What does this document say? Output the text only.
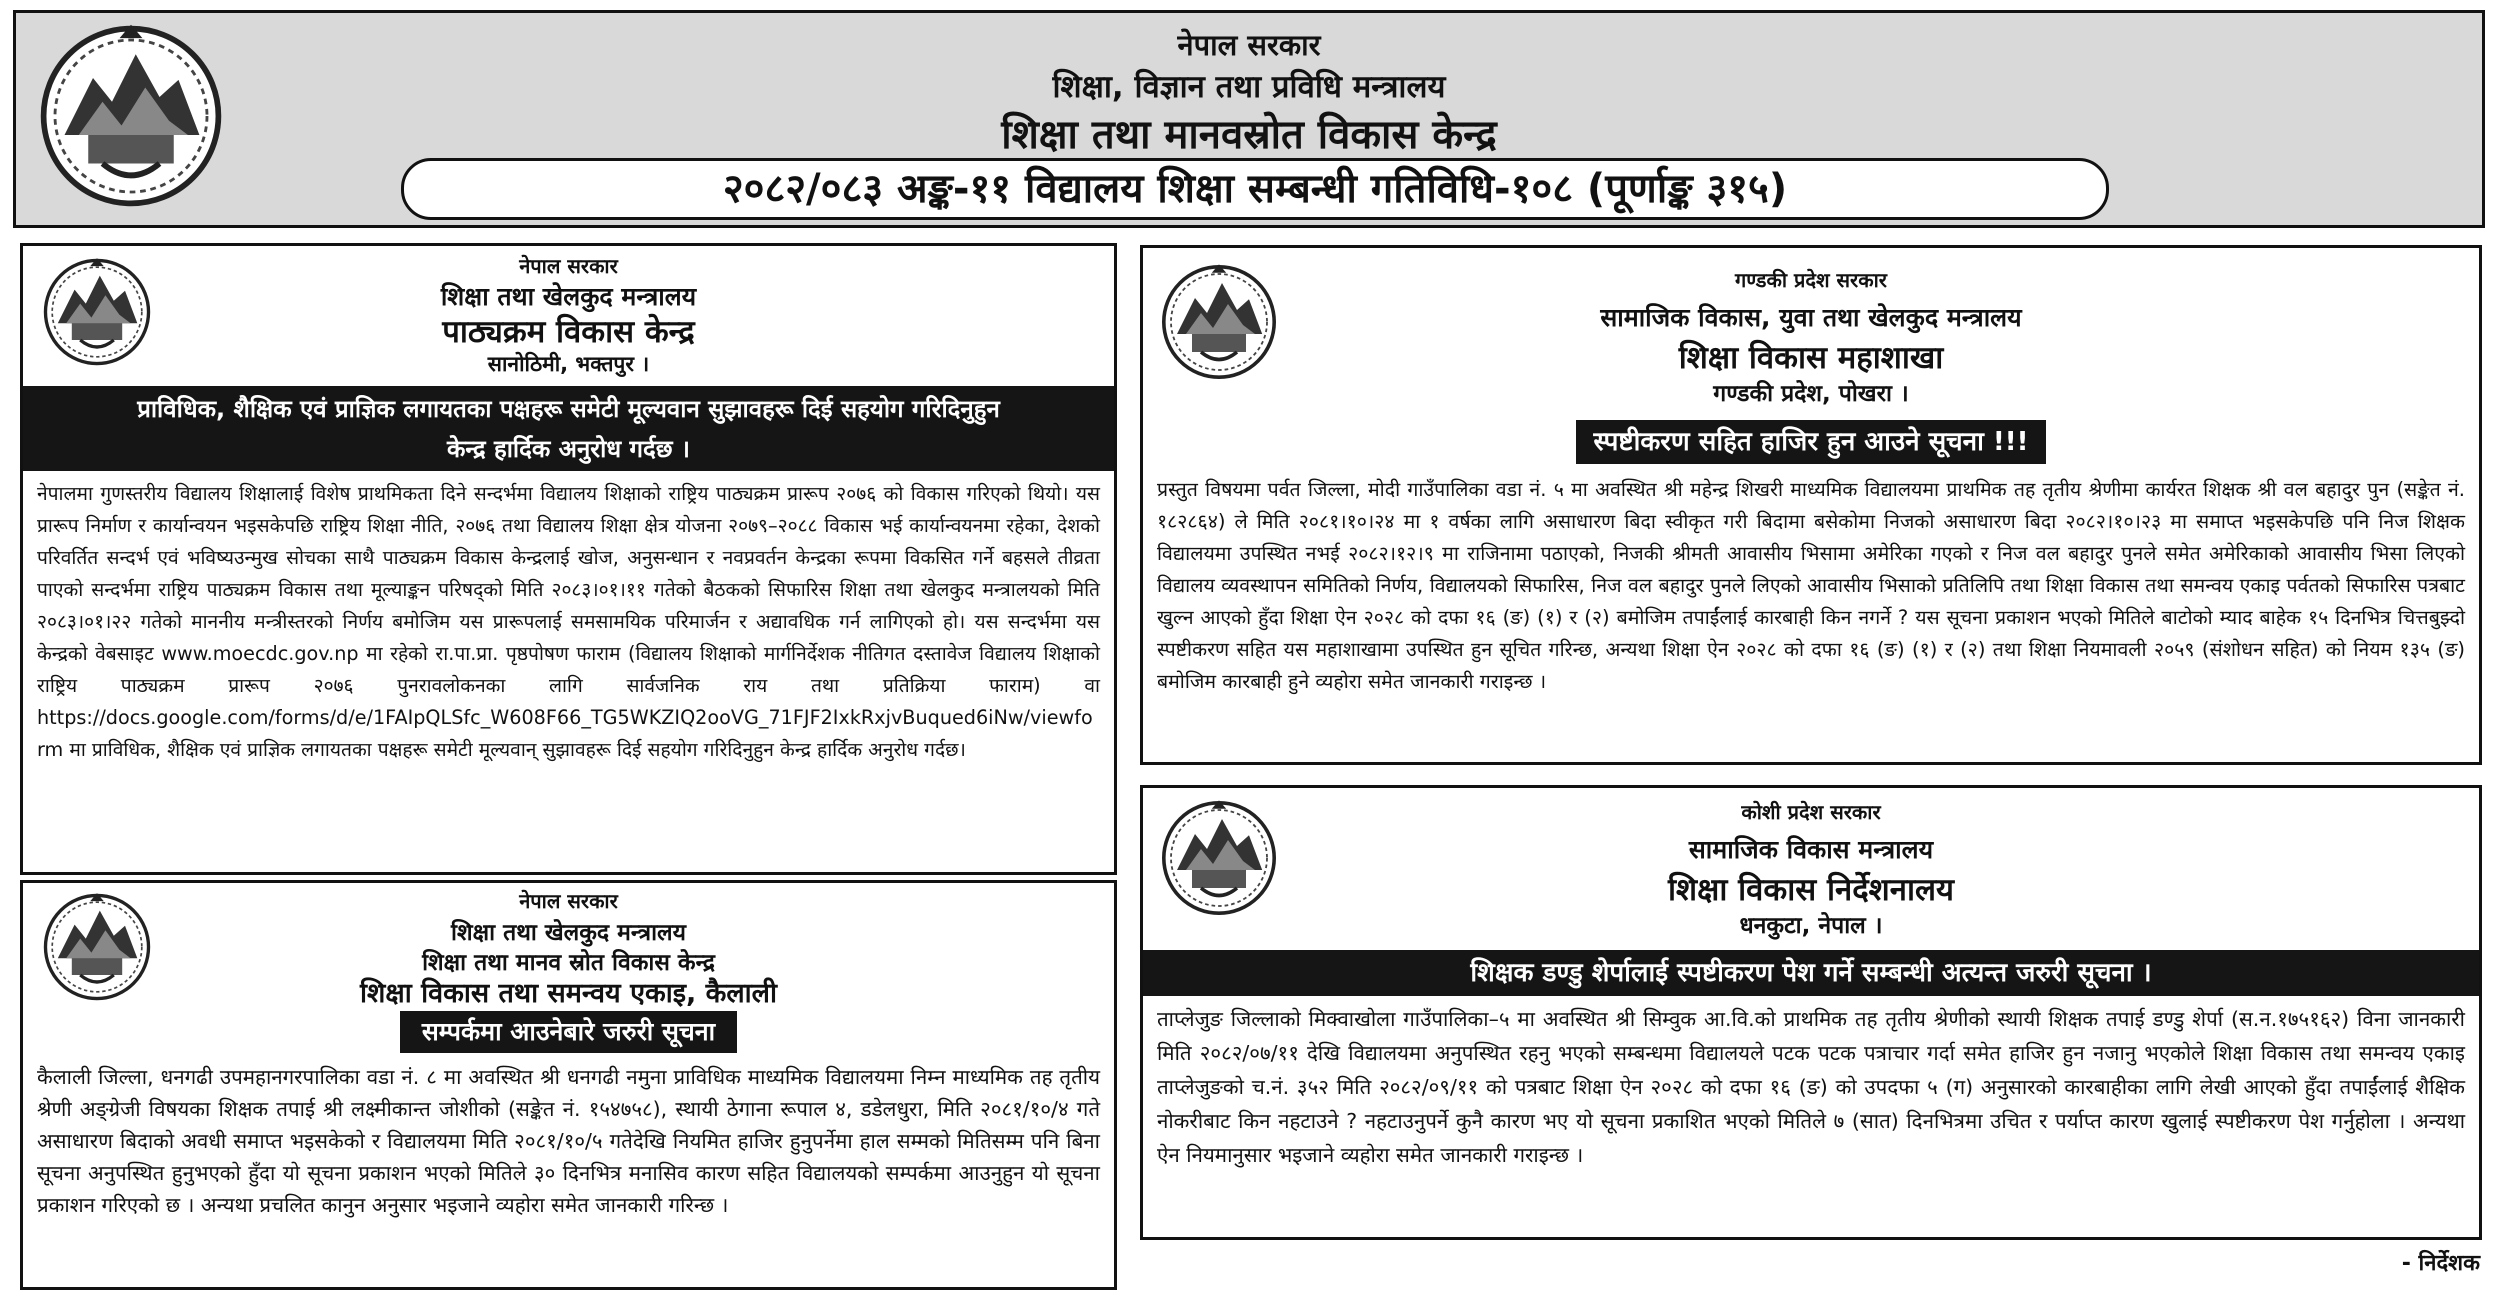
नेपाल सरकार
शिक्षा, विज्ञान तथा प्रविधि मन्त्रालय
शिक्षा तथा मानवस्रोत विकास केन्द्र
२०८२/०८३ अङ्क-११ विद्यालय शिक्षा सम्बन्धी गतिविधि-१०८ (पूर्णाङ्क ३१५)
नेपाल सरकार
शिक्षा तथा खेलकुद मन्त्रालय
पाठ्यक्रम विकास केन्द्र
सानोठिमी, भक्तपुर ।
प्राविधिक, शैक्षिक एवं प्राज्ञिक लगायतका पक्षहरू समेटी मूल्यवान सुझावहरू दिई सहयोग गरिदिनुहुन केन्द्र हार्दिक अनुरोध गर्दछ ।
नेपालमा गुणस्तरीय विद्यालय शिक्षालाई विशेष प्राथमिकता दिने सन्दर्भमा विद्यालय शिक्षाको राष्ट्रिय पाठ्यक्रम प्रारूप २०७६ को विकास गरिएको थियो। यस प्रारूप निर्माण र कार्यान्वयन भइसकेपछि राष्ट्रिय शिक्षा नीति, २०७६ तथा विद्यालय शिक्षा क्षेत्र योजना २०७९–२०८८ विकास भई कार्यान्वयनमा रहेका, देशको परिवर्तित सन्दर्भ एवं भविष्यउन्मुख सोचका साथै पाठ्यक्रम विकास केन्द्रलाई खोज, अनुसन्धान र नवप्रवर्तन केन्द्रका रूपमा विकसित गर्ने बहसले तीव्रता पाएको सन्दर्भमा राष्ट्रिय पाठ्यक्रम विकास तथा मूल्याङ्कन परिषद्को मिति २०८३।०१।११ गतेको बैठकको सिफारिस शिक्षा तथा खेलकुद मन्त्रालयको मिति २०८३।०१।२२ गतेको माननीय मन्त्रीस्तरको निर्णय बमोजिम यस प्रारूपलाई समसामयिक परिमार्जन र अद्यावधिक गर्न लागिएको हो। यस सन्दर्भमा यस केन्द्रको वेबसाइट www.moecdc.gov.np मा रहेको रा.पा.प्रा. पृष्ठपोषण फाराम (विद्यालय शिक्षाको मार्गनिर्देशक नीतिगत दस्तावेज विद्यालय शिक्षाको राष्ट्रिय पाठ्यक्रम प्रारूप २०७६ पुनरावलोकनका लागि सार्वजनिक राय तथा प्रतिक्रिया फाराम) वा https://docs.google.com/forms/d/e/1FAIpQLSfc_W608F66_TG5WKZIQ2ooVG_71FJF2IxkRxjvBuqued6iNw/viewform मा प्राविधिक, शैक्षिक एवं प्राज्ञिक लगायतका पक्षहरू समेटी मूल्यवान् सुझावहरू दिई सहयोग गरिदिनुहुन केन्द्र हार्दिक अनुरोध गर्दछ।
नेपाल सरकार
शिक्षा तथा खेलकुद मन्त्रालय
शिक्षा तथा मानव स्रोत विकास केन्द्र
शिक्षा विकास तथा समन्वय एकाइ, कैलाली
सम्पर्कमा आउनेबारे जरुरी सूचना
कैलाली जिल्ला, धनगढी उपमहानगरपालिका वडा नं. ८ मा अवस्थित श्री धनगढी नमुना प्राविधिक माध्यमिक विद्यालयमा निम्न माध्यमिक तह तृतीय श्रेणी अङ्ग्रेजी विषयका शिक्षक तपाई श्री लक्ष्मीकान्त जोशीको (सङ्केत नं. १५४७५८), स्थायी ठेगाना रूपाल ४, डडेलधुरा, मिति २०८१/१०/४ गते असाधारण बिदाको अवधी समाप्त भइसकेको र विद्यालयमा मिति २०८१/१०/५ गतेदेखि नियमित हाजिर हुनुपर्नेमा हाल सम्मको मितिसम्म पनि बिना सूचना अनुपस्थित हुनुभएको हुँदा यो सूचना प्रकाशन भएको मितिले ३० दिनभित्र मनासिव कारण सहित विद्यालयको सम्पर्कमा आउनुहुन यो सूचना प्रकाशन गरिएको छ । अन्यथा प्रचलित कानुन अनुसार भइजाने व्यहोरा समेत जानकारी गरिन्छ ।
गण्डकी प्रदेश सरकार
सामाजिक विकास, युवा तथा खेलकुद मन्त्रालय
शिक्षा विकास महाशाखा
गण्डकी प्रदेश, पोखरा ।
स्पष्टीकरण सहित हाजिर हुन आउने सूचना !!!
प्रस्तुत विषयमा पर्वत जिल्ला, मोदी गाउँपालिका वडा नं. ५ मा अवस्थित श्री महेन्द्र शिखरी माध्यमिक विद्यालयमा प्राथमिक तह तृतीय श्रेणीमा कार्यरत शिक्षक श्री वल बहादुर पुन (सङ्केत नं. १८२८६४) ले मिति २०८१।१०।२४ मा १ वर्षका लागि असाधारण बिदा स्वीकृत गरी बिदामा बसेकोमा निजको असाधारण बिदा २०८२।१०।२३ मा समाप्त भइसकेपछि पनि निज शिक्षक विद्यालयमा उपस्थित नभई २०८२।१२।९ मा राजिनामा पठाएको, निजकी श्रीमती आवासीय भिसामा अमेरिका गएको र निज वल बहादुर पुनले समेत अमेरिकाको आवासीय भिसा लिएको विद्यालय व्यवस्थापन समितिको निर्णय, विद्यालयको सिफारिस, निज वल बहादुर पुनले लिएको आवासीय भिसाको प्रतिलिपि तथा शिक्षा विकास तथा समन्वय एकाइ पर्वतको सिफारिस पत्रबाट खुल्न आएको हुँदा शिक्षा ऐन २०२८ को दफा १६ (ङ) (१) र (२) बमोजिम तपाईंलाई कारबाही किन नगर्ने ? यस सूचना प्रकाशन भएको मितिले बाटोको म्याद बाहेक १५ दिनभित्र चित्तबुझ्दो स्पष्टीकरण सहित यस महाशाखामा उपस्थित हुन सूचित गरिन्छ, अन्यथा शिक्षा ऐन २०२८ को दफा १६ (ङ) (१) र (२) तथा शिक्षा नियमावली २०५९ (संशोधन सहित) को नियम १३५ (ङ) बमोजिम कारबाही हुने व्यहोरा समेत जानकारी गराइन्छ ।
कोशी प्रदेश सरकार
सामाजिक विकास मन्त्रालय
शिक्षा विकास निर्देशनालय
धनकुटा, नेपाल ।
शिक्षक डण्डु शेर्पालाई स्पष्टीकरण पेश गर्ने सम्बन्धी अत्यन्त जरुरी सूचना ।
ताप्लेजुङ जिल्लाको मिक्वाखोला गाउँपालिका–५ मा अवस्थित श्री सिम्वुक आ.वि.को प्राथमिक तह तृतीय श्रेणीको स्थायी शिक्षक तपाई डण्डु शेर्पा (स.न.१७५१६२) विना जानकारी मिति २०८२/०७/११ देखि विद्यालयमा अनुपस्थित रहनु भएको सम्बन्धमा विद्यालयले पटक पटक पत्राचार गर्दा समेत हाजिर हुन नजानु भएकोले शिक्षा विकास तथा समन्वय एकाइ ताप्लेजुङको च.नं. ३५२ मिति २०८२/०९/११ को पत्रबाट शिक्षा ऐन २०२८ को दफा १६ (ङ) को उपदफा ५ (ग) अनुसारको कारबाहीका लागि लेखी आएको हुँदा तपाईंलाई शैक्षिक नोकरीबाट किन नहटाउने ? नहटाउनुपर्ने कुनै कारण भए यो सूचना प्रकाशित भएको मितिले ७ (सात) दिनभित्रमा उचित र पर्याप्त कारण खुलाई स्पष्टीकरण पेश गर्नुहोला । अन्यथा ऐन नियमानुसार भइजाने व्यहोरा समेत जानकारी गराइन्छ ।
- निर्देशक
